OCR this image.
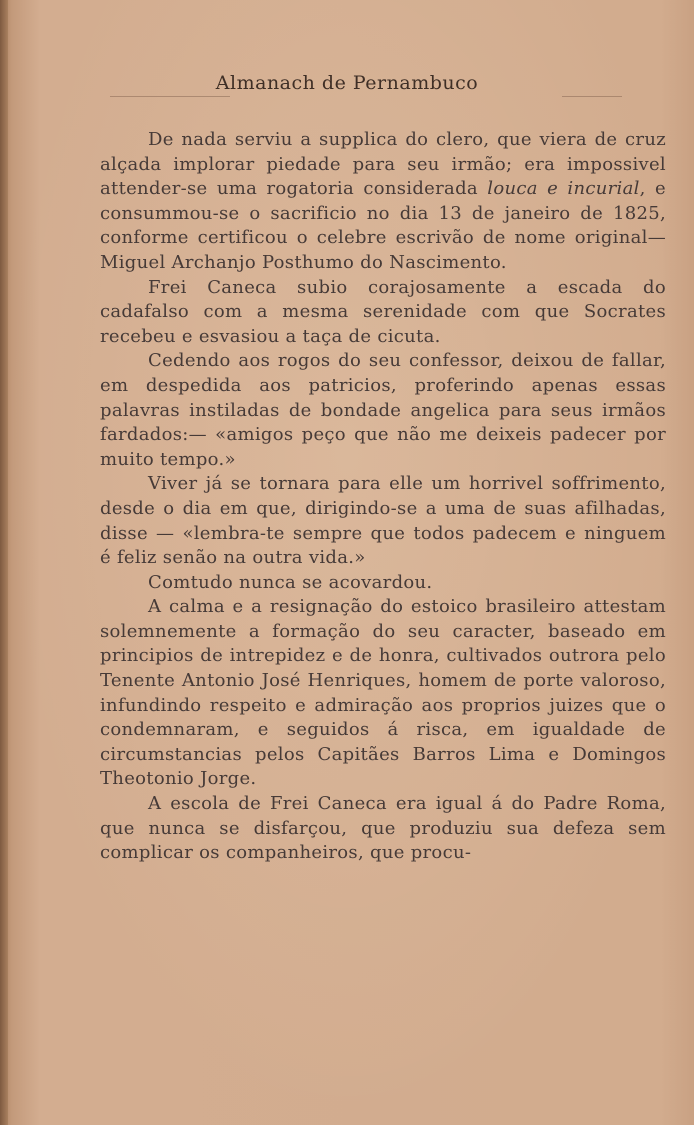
Almanach de Pernambuco

De nada serviu a supplica do clero, que viera de cruz alçada implorar piedade para seu irmão; era impossivel attender-se uma rogatoria considerada louca e incurial, e consummou-se o sacrificio no dia 13 de janeiro de 1825, conforme certificou o celebre escrivão de nome original—Miguel Archanjo Posthumo do Nascimento.

Frei Caneca subio corajosamente a escada do cadafalso com a mesma serenidade com que Socrates recebeu e esvasiou a taça de cicuta.

Cedendo aos rogos do seu confessor, deixou de fallar, em despedida aos patricios, proferindo apenas essas palavras instiladas de bondade angelica para seus irmãos fardados:— «amigos peço que não me deixeis padecer por muito tempo.»

Viver já se tornara para elle um horrivel soffrimento, desde o dia em que, dirigindo-se a uma de suas afilhadas, disse — «lembra-te sempre que todos padecem e ninguem é feliz senão na outra vida.»

Comtudo nunca se acovardou.

A calma e a resignação do estoico brasileiro attestam solemnemente a formação do seu caracter, baseado em principios de intrepidez e de honra, cultivados outrora pelo Tenente Antonio José Henriques, homem de porte valoroso, infundindo respeito e admiração aos proprios juizes que o condemnaram, e seguidos á risca, em igualdade de circumstancias pelos Capitães Barros Lima e Domingos Theotonio Jorge.

A escola de Frei Caneca era igual á do Padre Roma, que nunca se disfarçou, que produziu sua defeza sem complicar os companheiros, que procu-
